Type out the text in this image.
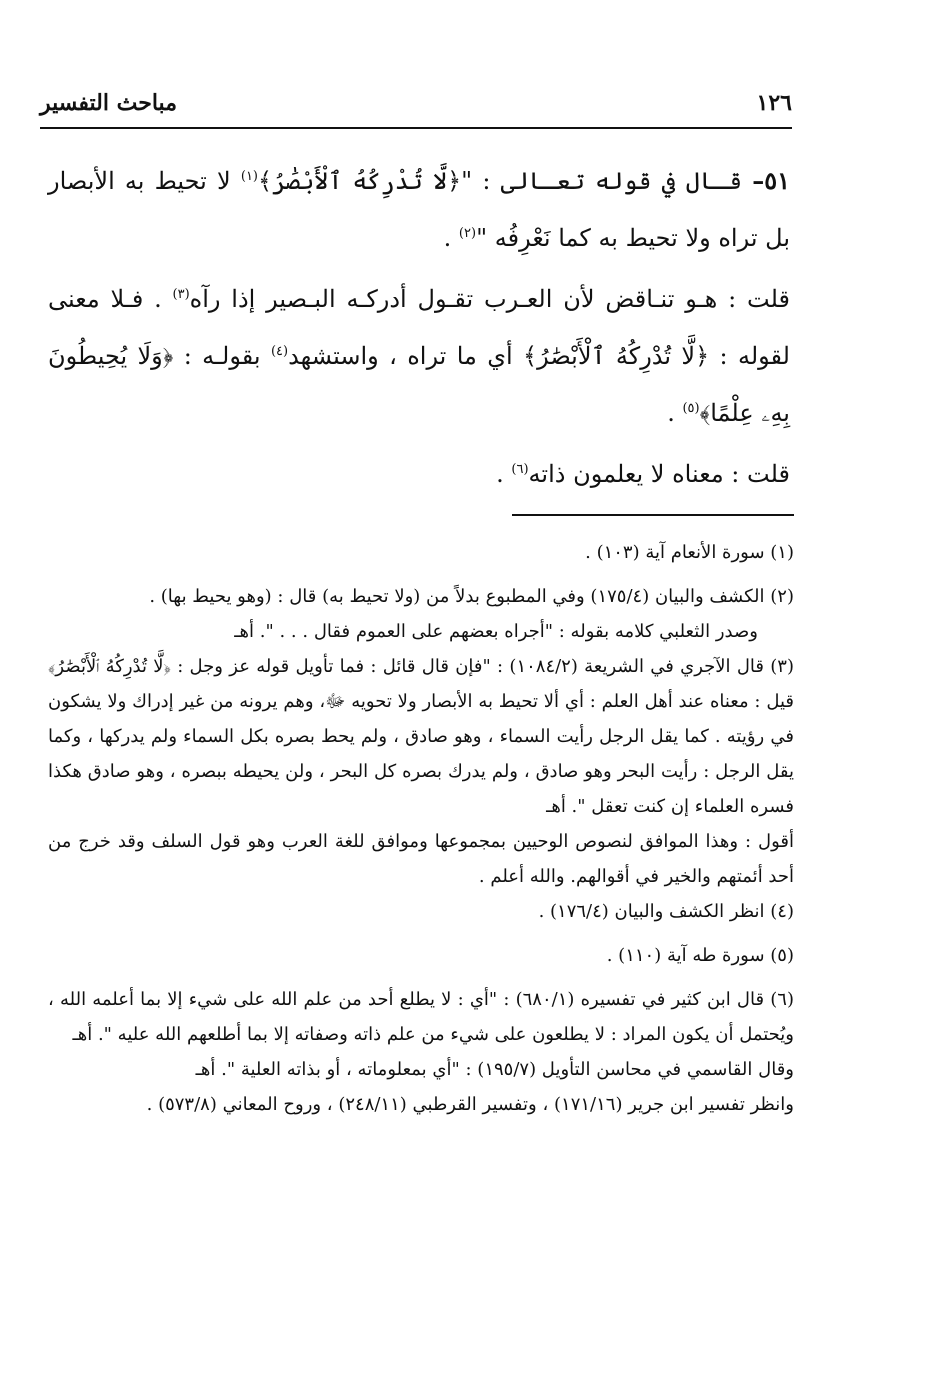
١٢٦
مباحث التفسير

٥١– قـال في قوله تعـالى : "﴿لَّا تُدْرِكُهُ ٱلْأَبْصَٰرُ﴾$^{(١)}$ لا تحيط به الأبصار بل تراه ولا تحيط به كما نَعْرِفُه "$^{(٢)}$ .

قلت : هـو تنـاقض لأن العـرب تقـول أدركـه البـصير إذا رآه$^{(٣)}$ . فـلا معنى لقوله : ﴿لَّا تُدْرِكُهُ ٱلْأَبْصَٰرُ﴾ أي ما تراه ، واستشهد$^{(٤)}$ بقولـه : ﴿وَلَا يُحِيطُونَ بِهِۦ عِلْمًا﴾$^{(٥)}$ .

قلت : معناه لا يعلمون ذاته$^{(٦)}$ .

(١) سورة الأنعام آية (١٠٣) .

(٢) الكشف والبيان (١٧٥/٤) وفي المطبوع بدلاً من (ولا تحيط به) قال : (وهو يحيط بها) .

وصدر الثعلبي كلامه بقوله : "أجراه بعضهم على العموم فقال . . . ". أهـ

(٣) قال الآجري في الشريعة (١٠٨٤/٢) : "فإن قال قائل : فما تأويل قوله عز وجل : ﴿لَّا تُدْرِكُهُ ٱلْأَبْصَٰرُ﴾ قيل : معناه عند أهل العلم : أي ألا تحيط به الأبصار ولا تحويه ﷻ، وهم يرونه من غير إدراك ولا يشكون في رؤيته . كما يقل الرجل رأيت السماء ، وهو صادق ، ولم يحط بصره بكل السماء ولم يدركها ، وكما يقل الرجل : رأيت البحر وهو صادق ، ولم يدرك بصره كل البحر ، ولن يحيطه ببصره ، وهو صادق هكذا فسره العلماء إن كنت تعقل ". أهـ

أقول : وهذا الموافق لنصوص الوحيين بمجموعها وموافق للغة العرب وهو قول السلف وقد خرج من أحد أئمتهم والخير في أقوالهم. والله أعلم .

(٤) انظر الكشف والبيان (١٧٦/٤) .

(٥) سورة طه آية (١١٠) .

(٦) قال ابن كثير في تفسيره (٦٨٠/١) : "أي : لا يطلع أحد من علم الله على شيء إلا بما أعلمه الله ، ويُحتمل أن يكون المراد : لا يطلعون على شيء من علم ذاته وصفاته إلا بما أطلعهم الله عليه ". أهـ

وقال القاسمي في محاسن التأويل (١٩٥/٧) : "أي بمعلوماته ، أو بذاته العلية ". أهـ

وانظر تفسير ابن جرير (١٧١/١٦) ، وتفسير القرطبي (٢٤٨/١١) ، وروح المعاني (٥٧٣/٨) .
